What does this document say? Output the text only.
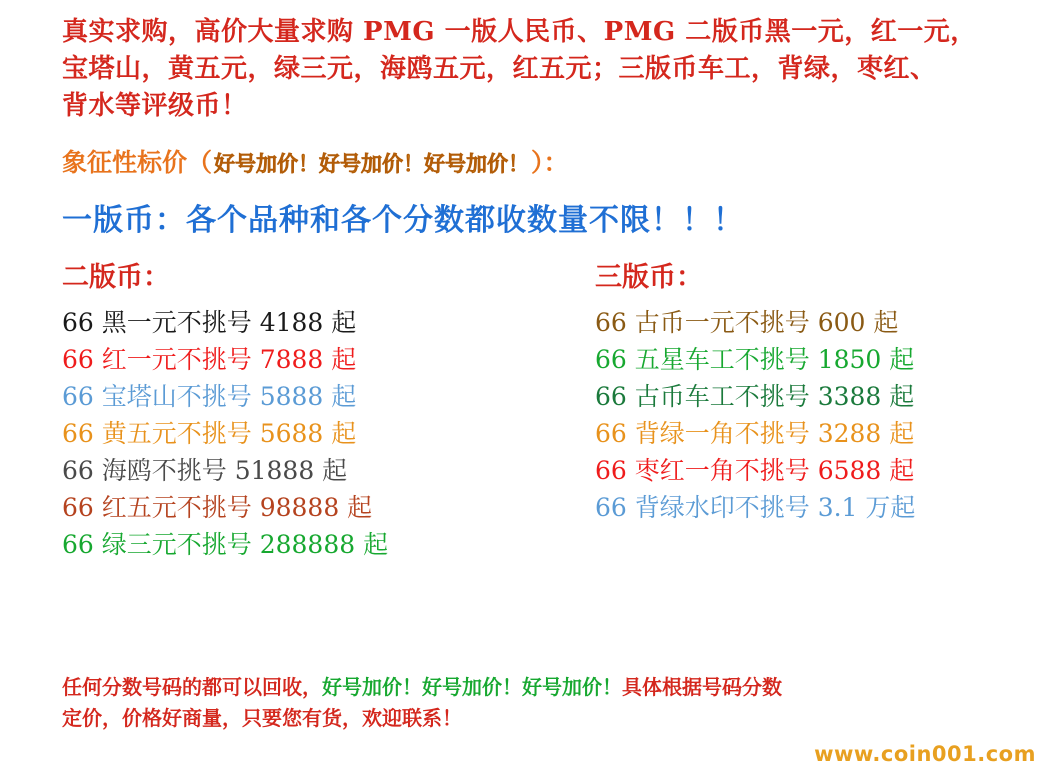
真实求购，高价大量求购 PMG 一版人民币、PMG 二版币黑一元，红一元，
宝塔山，黄五元，绿三元，海鸥五元，红五元；三版币车工，背绿，枣红、
背水等评级币！
象征性标价（ 好号加价！好号加价！好号加价！ ）：
一版币：各个品种和各个分数都收数量不限！！！
二版币：
66 黑一元不挑号 4188 起
66 红一元不挑号 7888 起
66 宝塔山不挑号 5888 起
66 黄五元不挑号 5688 起
66 海鸥不挑号 51888 起
66 红五元不挑号 98888 起
66 绿三元不挑号 288888 起
三版币：
66 古币一元不挑号 600 起
66 五星车工不挑号 1850 起
66 古币车工不挑号 3388 起
66 背绿一角不挑号 3288 起
66 枣红一角不挑号 6588 起
66 背绿水印不挑号 3.1 万起
任何分数号码的都可以回收，好号加价！好号加价！好号加价！具体根据号码分数
定价，价格好商量，只要您有货，欢迎联系！
www.coin001.com
